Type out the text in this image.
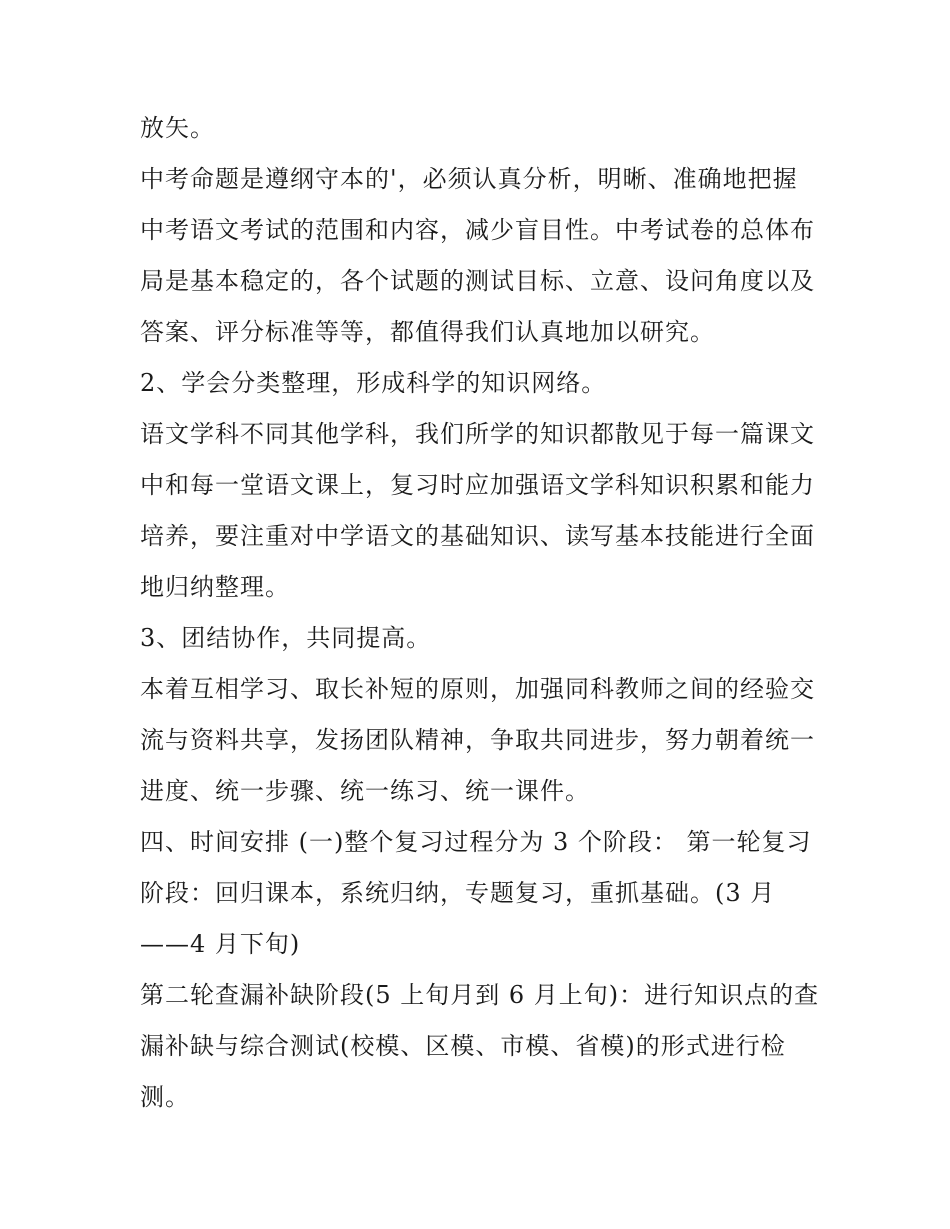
放矢。
中考命题是遵纲守本的'，必须认真分析，明晰、准确地把握
中考语文考试的范围和内容，减少盲目性。中考试卷的总体布
局是基本稳定的，各个试题的测试目标、立意、设问角度以及
答案、评分标准等等，都值得我们认真地加以研究。
2、学会分类整理，形成科学的知识网络。
语文学科不同其他学科，我们所学的知识都散见于每一篇课文
中和每一堂语文课上，复习时应加强语文学科知识积累和能力
培养，要注重对中学语文的基础知识、读写基本技能进行全面
地归纳整理。
3、团结协作，共同提高。
本着互相学习、取长补短的原则，加强同科教师之间的经验交
流与资料共享，发扬团队精神，争取共同进步，努力朝着统一
进度、统一步骤、统一练习、统一课件。
四、时间安排 (一)整个复习过程分为 3 个阶段： 第一轮复习
阶段：回归课本，系统归纳，专题复习，重抓基础。(3 月
——4 月下旬)
第二轮查漏补缺阶段(5 上旬月到 6 月上旬)：进行知识点的查
漏补缺与综合测试(校模、区模、市模、省模)的形式进行检
测。
